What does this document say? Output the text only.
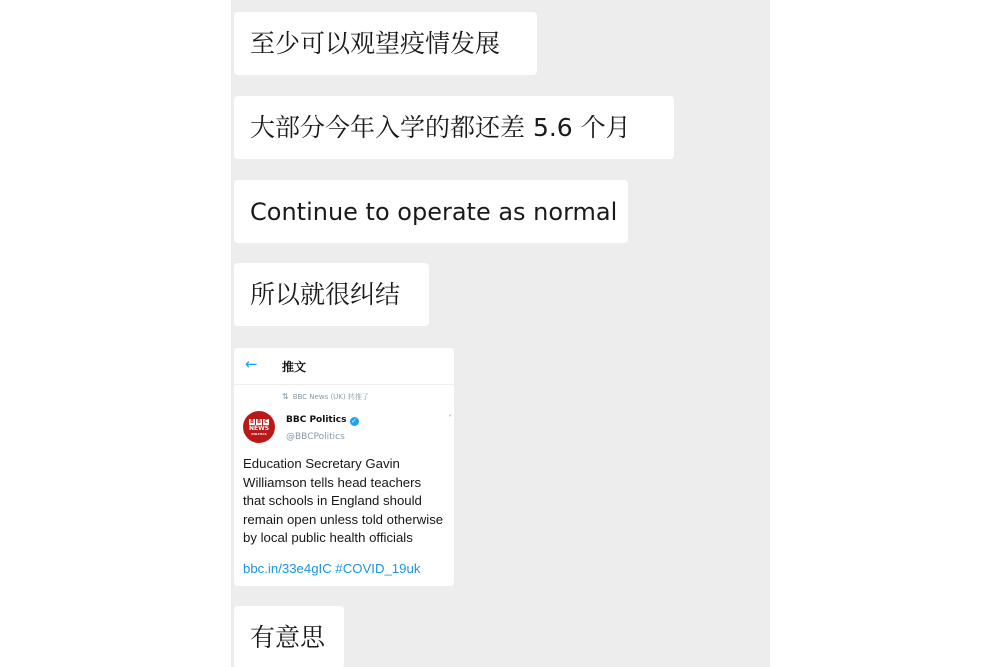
至少可以观望疫情发展
大部分今年入学的都还差 5.6 个月
Continue to operate as normal
所以就很纠结
← 推文
⇅ BBC News (UK) 转推了
B B C
NEWS
POLITICS
BBC Politics ✓
@BBCPolitics
˅
Education Secretary Gavin
Williamson tells head teachers
that schools in England should
remain open unless told otherwise
by local public health officials
bbc.in/33e4gIC #COVID_19uk
有意思
